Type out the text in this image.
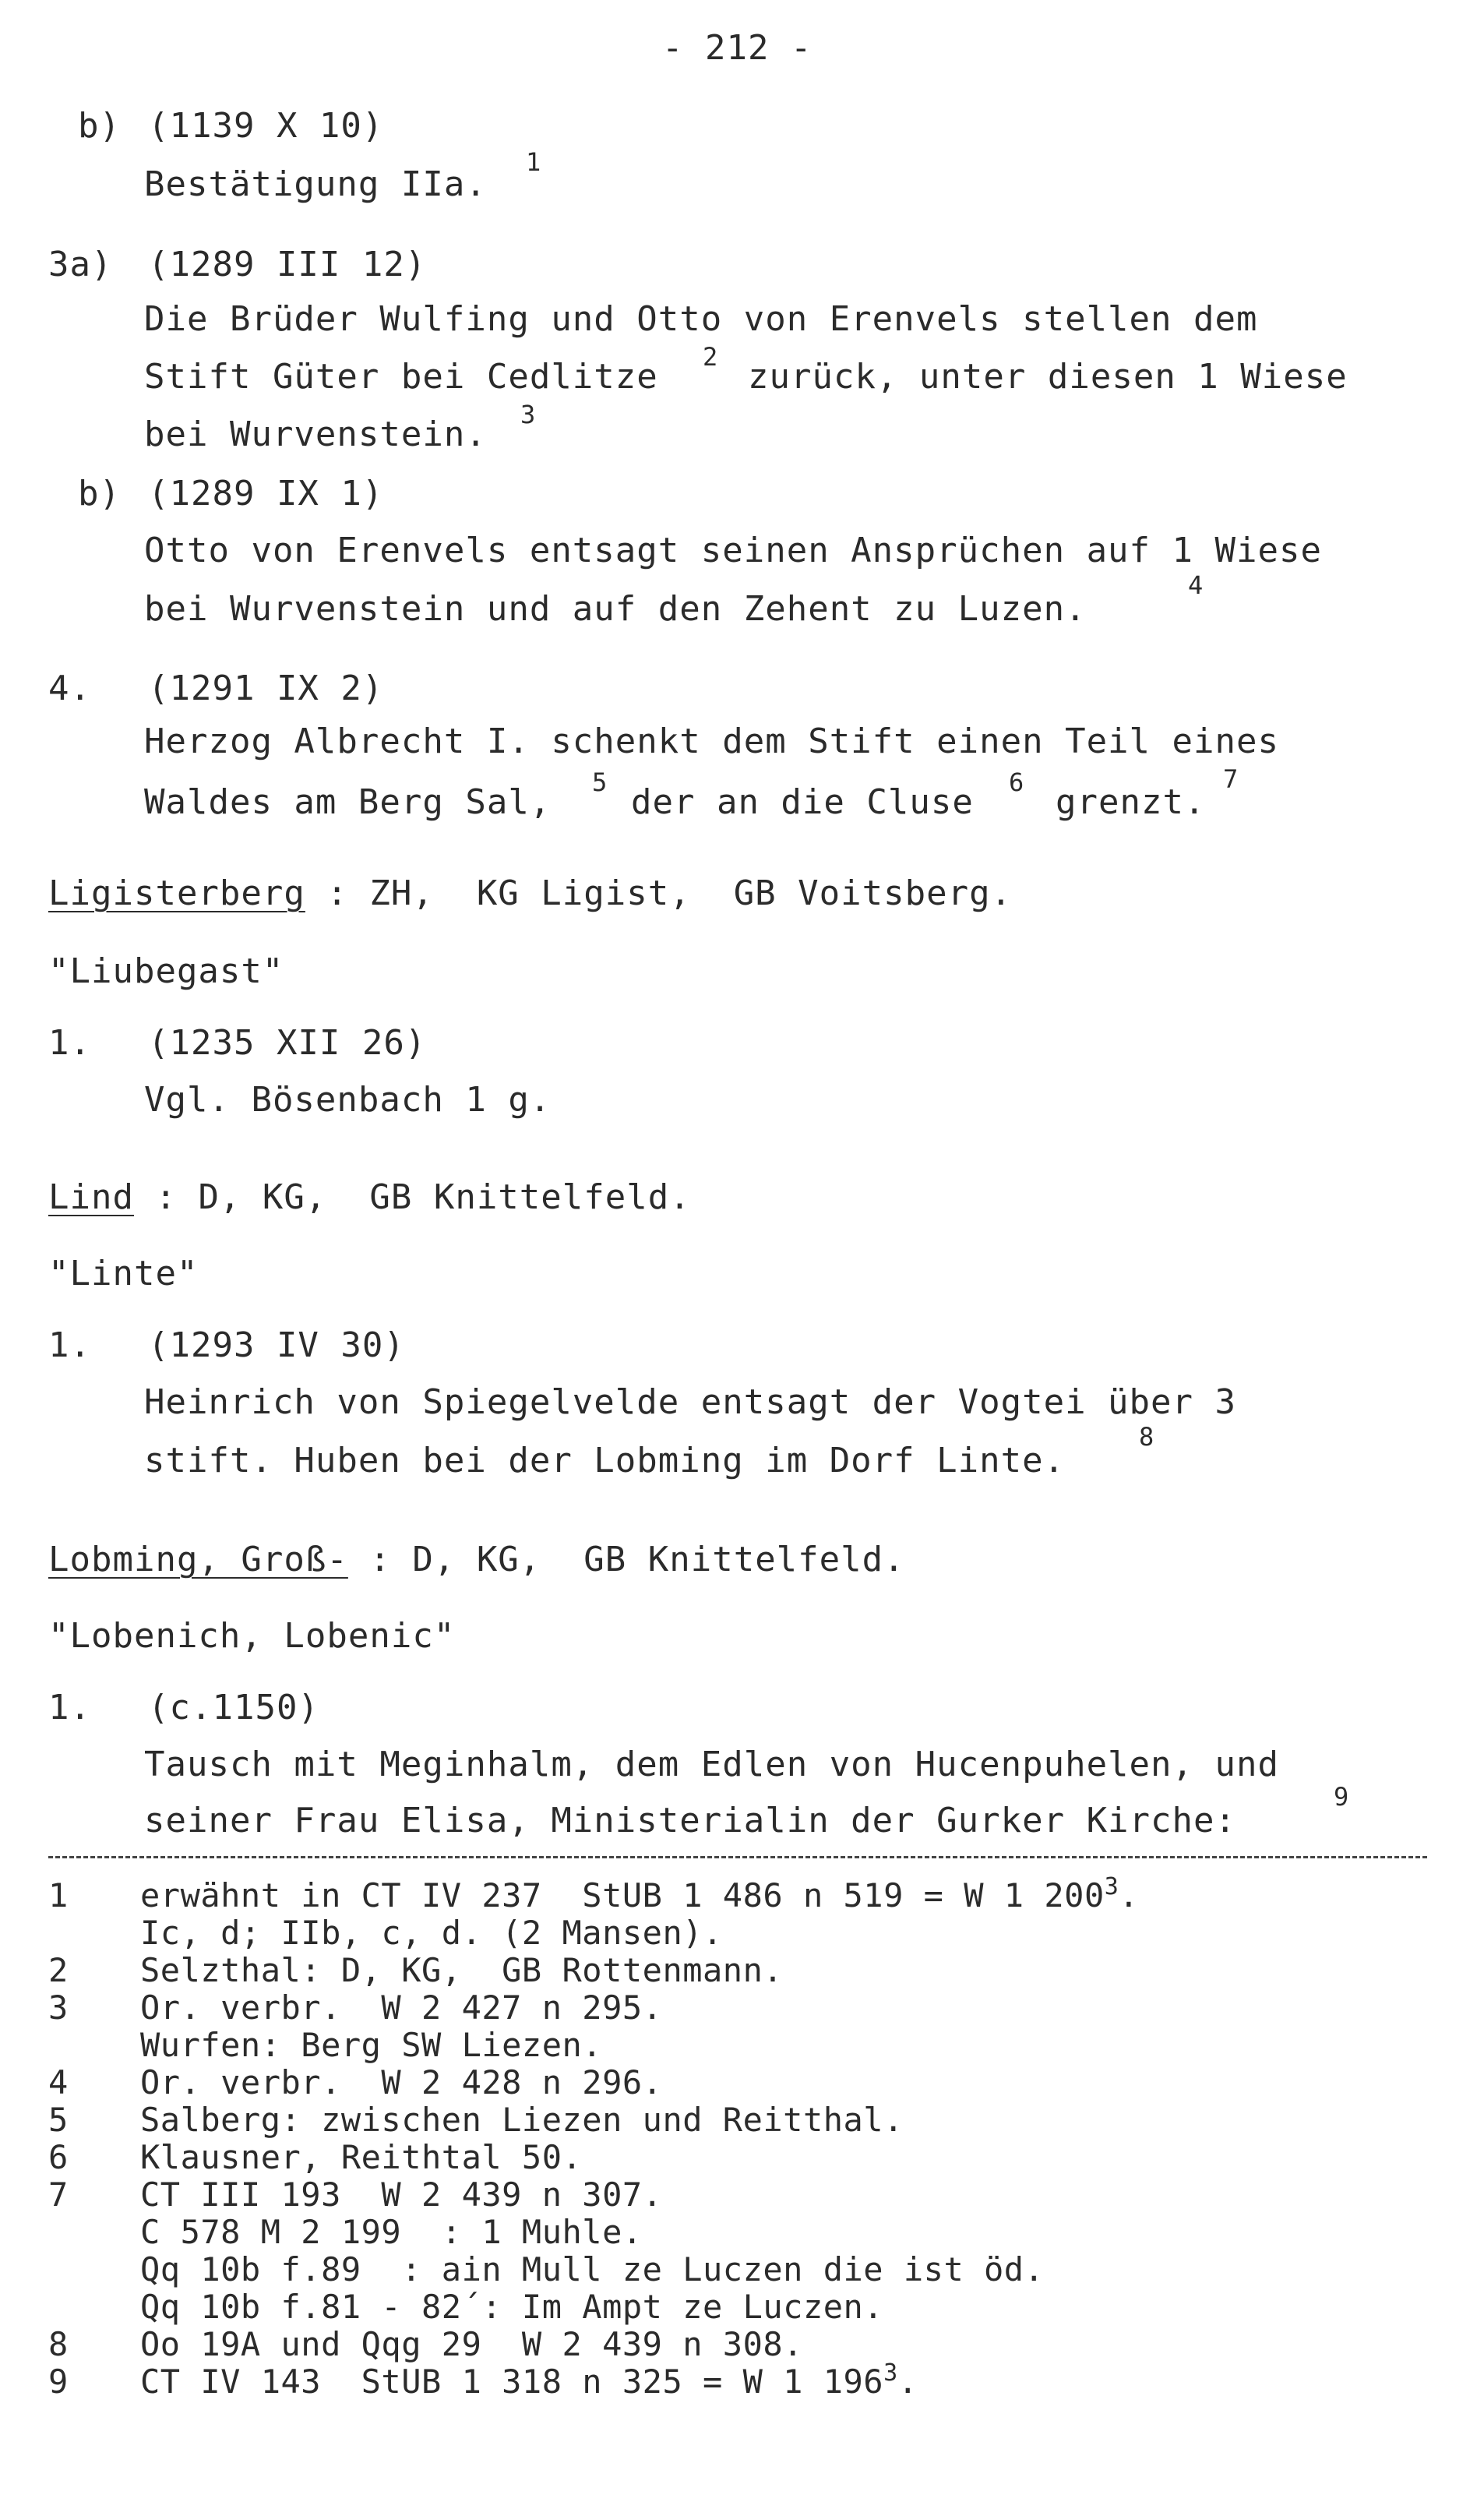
- 212 -
b) (1139 X 10)
Bestätigung IIa.
1
3a) (1289 III 12)
Die Brüder Wulfing und Otto von Erenvels stellen dem
Stift Güter bei Cedlitze 2 zurück, unter diesen 1 Wiese
bei Wurvenstein. 3
b) (1289 IX 1)
Otto von Erenvels entsagt seinen Ansprüchen auf 1 Wiese
bei Wurvenstein und auf den Zehent zu Luzen.
4
4. (1291 IX 2)
Herzog Albrecht I. schenkt dem Stift einen Teil eines
Waldes am Berg Sal, 5 der an die Cluse 6 grenzt.
7
Ligisterberg : ZH,  KG Ligist,  GB Voitsberg.
"Liubegast"
1. (1235 XII 26)
Vgl. Bösenbach 1 g.
Lind : D, KG,  GB Knittelfeld.
"Linte"
1. (1293 IV 30)
Heinrich von Spiegelvelde entsagt der Vogtei über 3
stift. Huben bei der Lobming im Dorf Linte.
8
Lobming, Groß- : D, KG,  GB Knittelfeld.
"Lobenich, Lobenic"
1. (c.1150)
Tausch mit Meginhalm, dem Edlen von Hucenpuhelen, und
seiner Frau Elisa, Ministerialin der Gurker Kirche:
9
1 erwähnt in CT IV 237  StUB 1 486 n 519 = W 1 $200^3$.
Ic, d; IIb, c, d. (2 Mansen).
2 Selzthal: D, KG,  GB Rottenmann.
3 Or. verbr.  W 2 427 n 295.
Wurfen: Berg SW Liezen.
4 Or. verbr.  W 2 428 n 296.
5 Salberg: zwischen Liezen und Reitthal.
6 Klausner, Reithtal 50.
7 CT III 193  W 2 439 n 307.
C 578 M 2 199  : 1 Muhle.
Qq 10b f.89  : ain Mull ze Luczen die ist öd.
Qq 10b f.81 - 82´: Im Ampt ze Luczen.
8 Oo 19A und Qqg 29  W 2 439 n 308.
9 CT IV 143  StUB 1 318 n 325 = W 1 $196^3$.
